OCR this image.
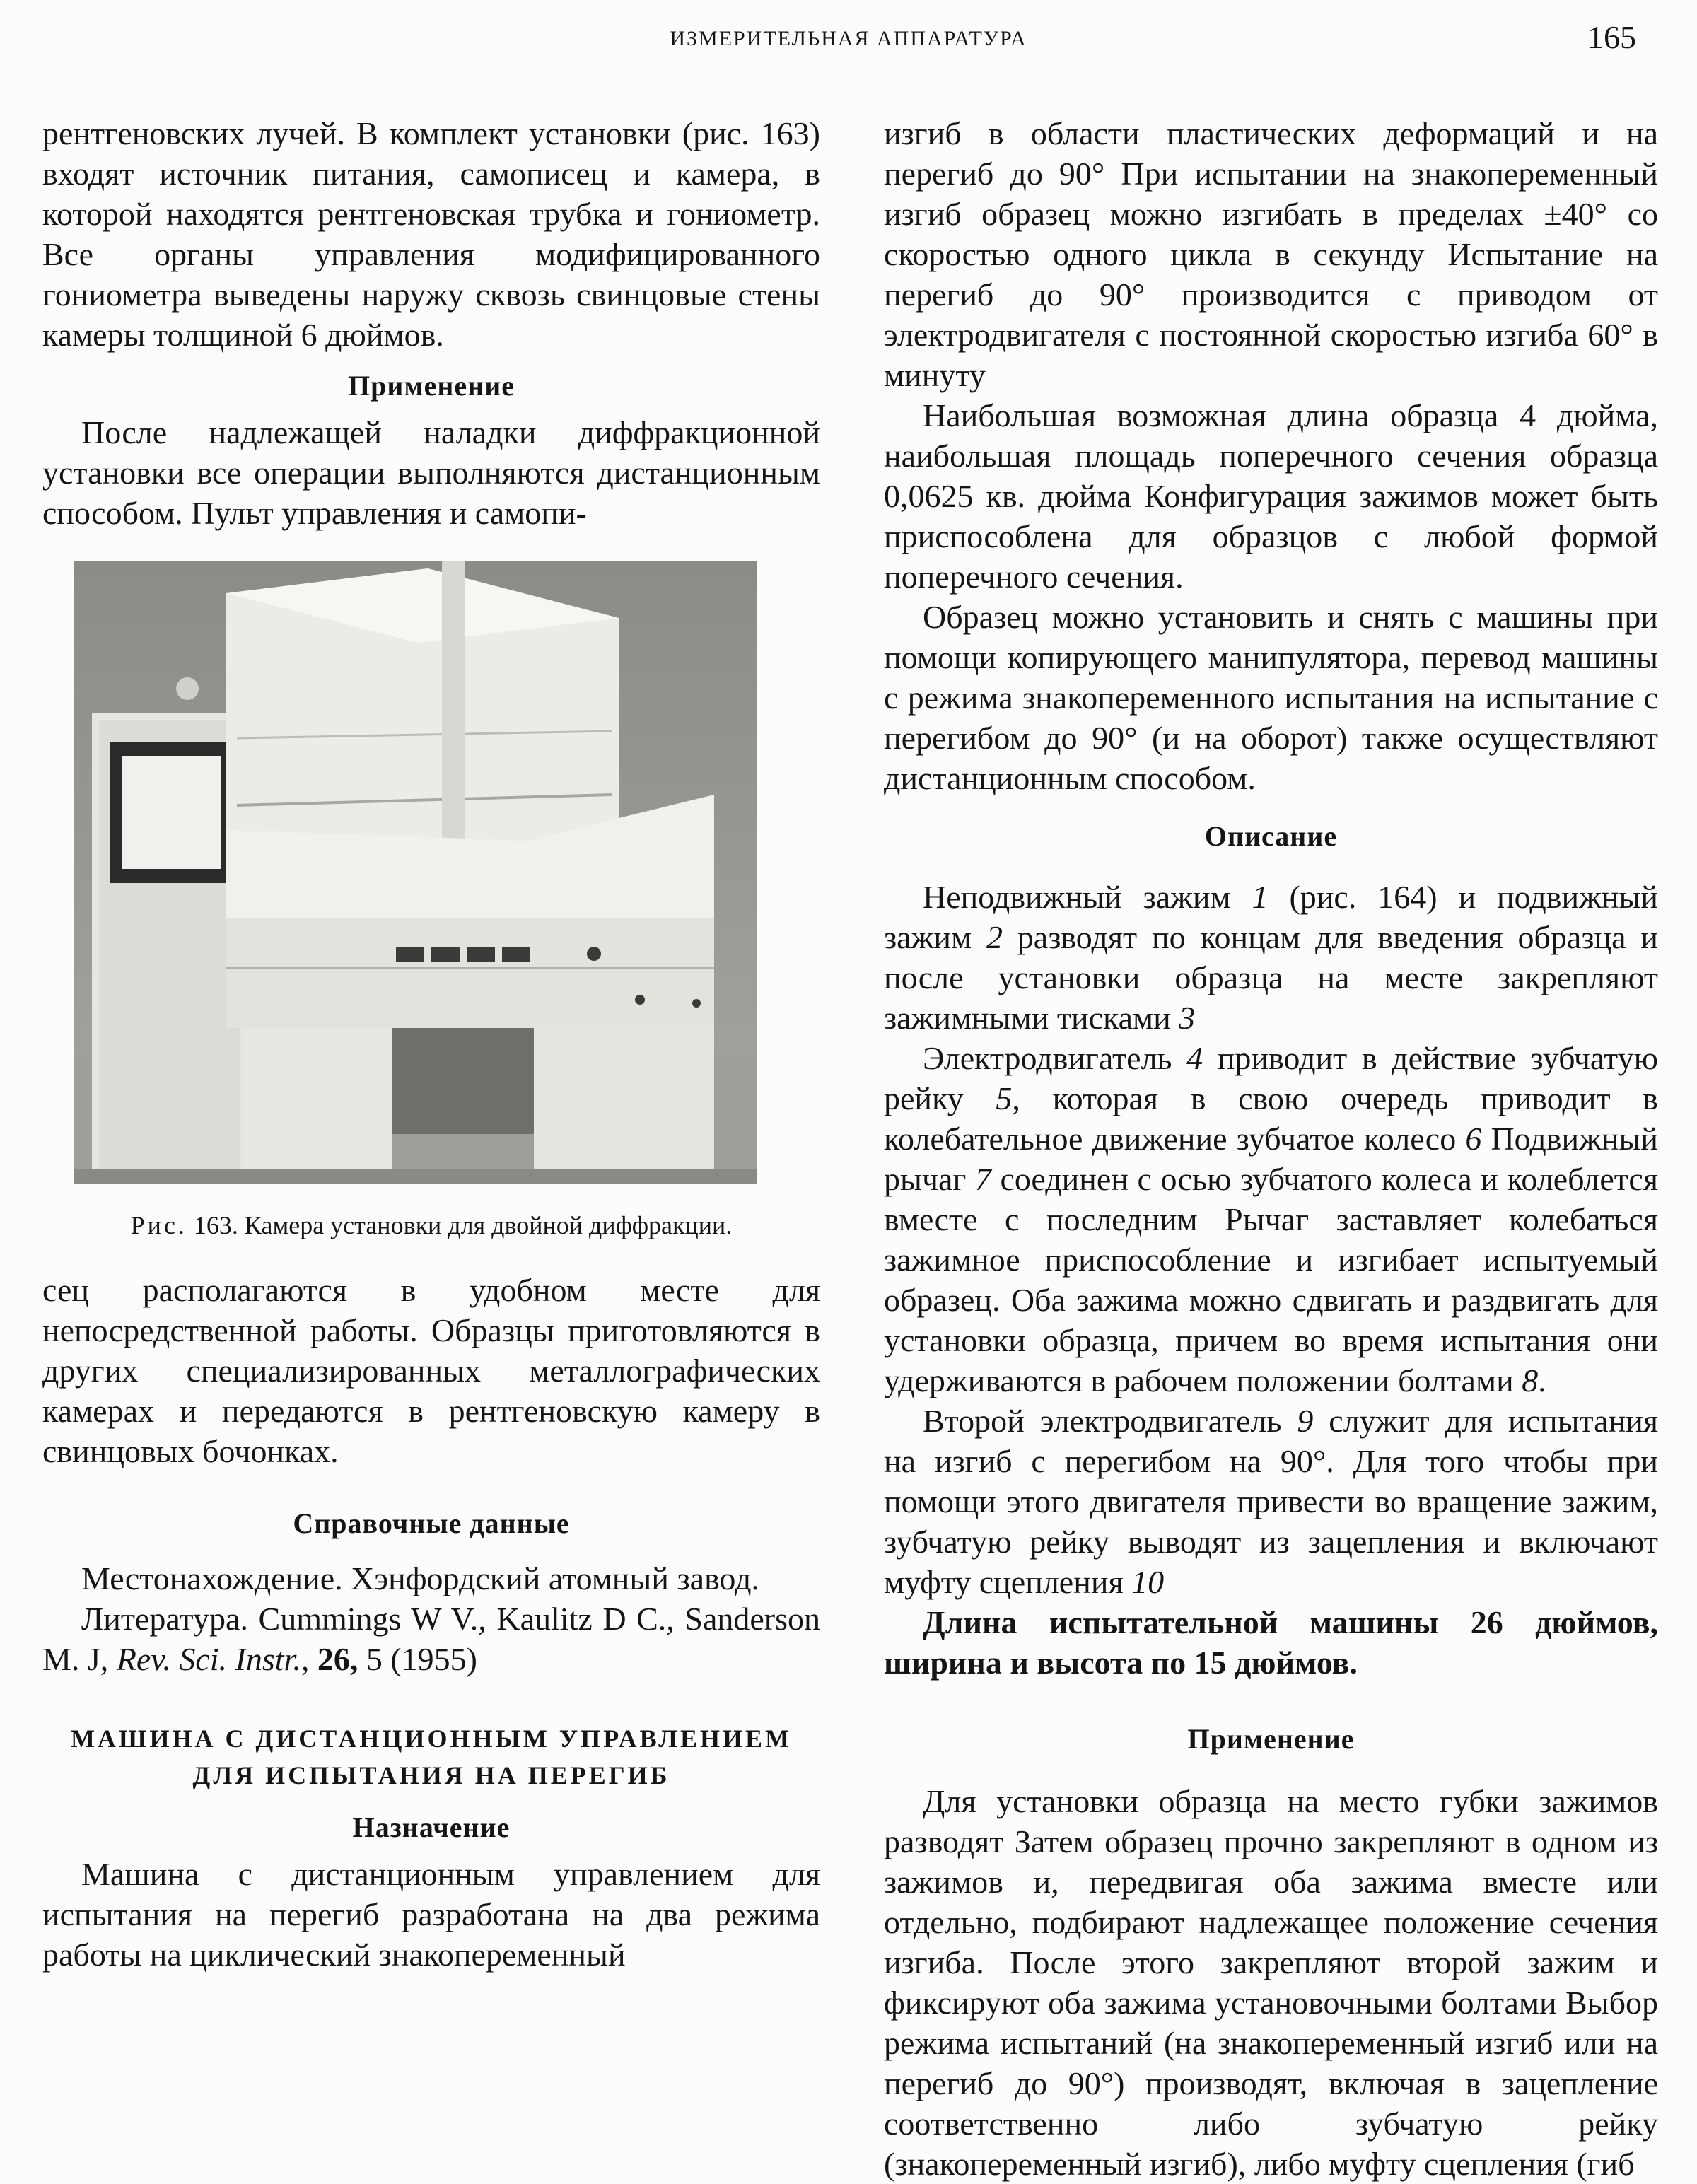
ИЗМЕРИТЕЛЬНАЯ АППАРАТУРА	165

рентгеновских лучей. В комплект установки (рис. 163) входят источник питания, самописец и камера, в которой находятся рентгеновская трубка и гониометр. Все органы управления модифицированного гониометра выведены наружу сквозь свинцовые стены камеры толщиной 6 дюймов.

Применение

После надлежащей наладки диффракционной установки все операции выполняются дистанционным способом. Пульт управления и самопи-

Рис. 163. Камера установки для двойной диффракции.

сец располагаются в удобном месте для непосредственной работы. Образцы приготовляются в других специализированных металлографических камерах и передаются в рентгеновскую камеру в свинцовых бочонках.

Справочные данные

Местонахождение. Хэнфордский атомный завод.

Литература. Cummings W V., Kaulitz D C., Sanderson M. J, Rev. Sci. Instr., 26, 5 (1955)

МАШИНА С ДИСТАНЦИОННЫМ УПРАВЛЕНИЕМ ДЛЯ ИСПЫТАНИЯ НА ПЕРЕГИБ
Назначение

Машина с дистанционным управлением для испытания на перегиб разработана на два режима работы на циклический знакопеременный

изгиб в области пластических деформаций и на перегиб до 90° При испытании на знакопеременный изгиб образец можно изгибать в пределах ±40° со скоростью одного цикла в секунду Испытание на перегиб до 90° производится с приводом от электродвигателя с постоянной скоростью изгиба 60° в минуту

Наибольшая возможная длина образца 4 дюйма, наибольшая площадь поперечного сечения образца 0,0625 кв. дюйма Конфигурация зажимов может быть приспособлена для образцов с любой формой поперечного сечения.

Образец можно установить и снять с машины при помощи копирующего манипулятора, перевод машины с режима знакопеременного испытания на испытание с перегибом до 90° (и на оборот) также осуществляют дистанционным способом.

Описание

Неподвижный зажим 1 (рис. 164) и подвижный зажим 2 разводят по концам для введения образца и после установки образца на месте закрепляют зажимными тисками 3

Электродвигатель 4 приводит в действие зубчатую рейку 5, которая в свою очередь приводит в колебательное движение зубчатое колесо 6 Подвижный рычаг 7 соединен с осью зубчатого колеса и колеблется вместе с последним Рычаг заставляет колебаться зажимное приспособление и изгибает испытуемый образец. Оба зажима можно сдвигать и раздвигать для установки образца, причем во время испытания они удерживаются в рабочем положении болтами 8.

Второй электродвигатель 9 служит для испытания на изгиб с перегибом на 90°. Для того чтобы при помощи этого двигателя привести во вращение зажим, зубчатую рейку выводят из зацепления и включают муфту сцепления 10

Длина испытательной машины 26 дюймов, ширина и высота по 15 дюймов.

Применение

Для установки образца на место губки зажимов разводят Затем образец прочно закрепляют в одном из зажимов и, передвигая оба зажима вместе или отдельно, подбирают надлежащее положение сечения изгиба. После этого закрепляют второй зажим и фиксируют оба зажима установочными болтами Выбор режима испытаний (на знакопеременный изгиб или на перегиб до 90°) производят, включая в зацепление соответственно либо зубчатую рейку (знакопеременный изгиб), либо муфту сцепления (гиб
